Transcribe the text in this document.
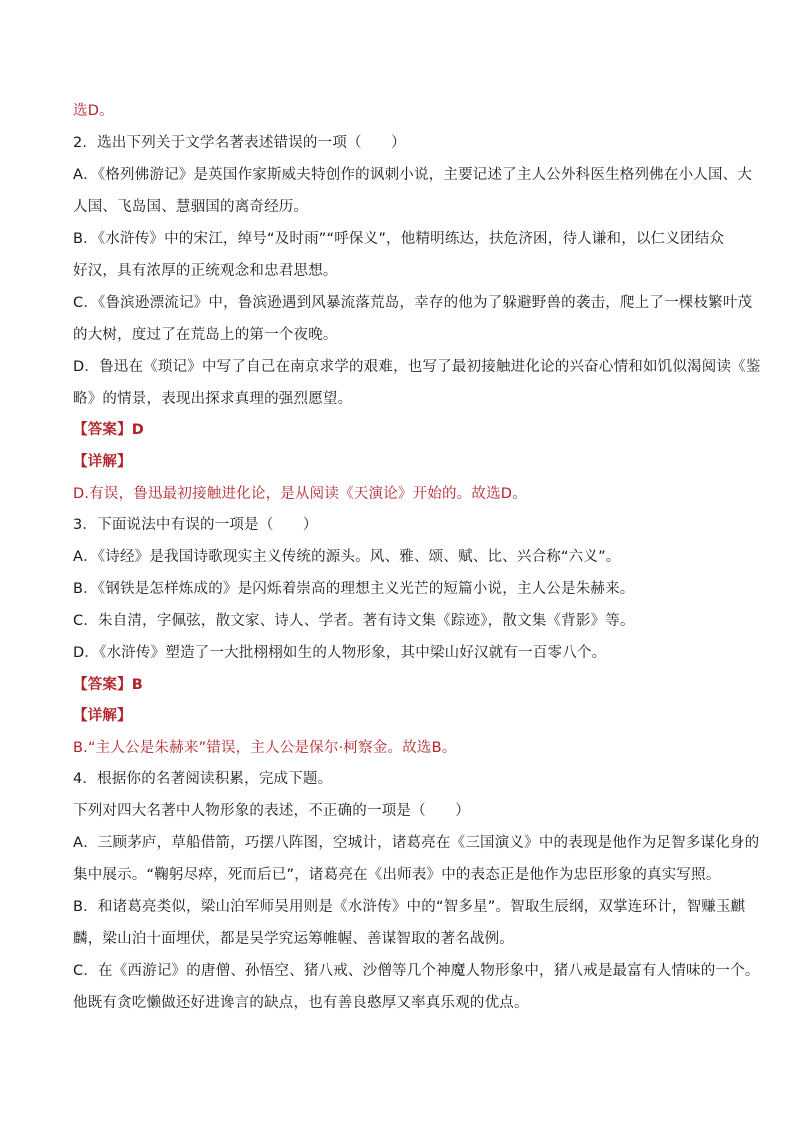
选D。
2．选出下列关于文学名著表述错误的一项（　　）
A．《格列佛游记》是英国作家斯威夫特创作的讽刺小说，主要记述了主人公外科医生格列佛在小人国、大
人国、飞岛国、慧骃国的离奇经历。
B．《水浒传》中的宋江，绰号“及时雨”“呼保义”，他精明练达，扶危济困，待人谦和，以仁义团结众
好汉，具有浓厚的正统观念和忠君思想。
C．《鲁滨逊漂流记》中，鲁滨逊遇到风暴流落荒岛，幸存的他为了躲避野兽的袭击，爬上了一棵枝繁叶茂
的大树，度过了在荒岛上的第一个夜晚。
D．鲁迅在《琐记》中写了自己在南京求学的艰难，也写了最初接触进化论的兴奋心情和如饥似渴阅读《鉴
略》的情景，表现出探求真理的强烈愿望。
【答案】D
【详解】
D.有误，鲁迅最初接触进化论，是从阅读《天演论》开始的。故选D。
3．下面说法中有误的一项是（　　）
A．《诗经》是我国诗歌现实主义传统的源头。风、雅、颂、赋、比、兴合称“六义”。
B．《钢铁是怎样炼成的》是闪烁着崇高的理想主义光芒的短篇小说，主人公是朱赫来。
C．朱自清，字佩弦，散文家、诗人、学者。著有诗文集《踪迹》，散文集《背影》等。
D．《水浒传》塑造了一大批栩栩如生的人物形象，其中梁山好汉就有一百零八个。
【答案】B
【详解】
B.“主人公是朱赫来”错误，主人公是保尔·柯察金。故选B。
4．根据你的名著阅读积累，完成下题。
下列对四大名著中人物形象的表述，不正确的一项是（　　）
A．三顾茅庐，草船借箭，巧摆八阵图，空城计，诸葛亮在《三国演义》中的表现是他作为足智多谋化身的
集中展示。“鞠躬尽瘁，死而后已”，诸葛亮在《出师表》中的表态正是他作为忠臣形象的真实写照。
B．和诸葛亮类似，梁山泊军师吴用则是《水浒传》中的“智多星”。智取生辰纲，双掌连环计，智赚玉麒
麟，梁山泊十面埋伏，都是吴学究运筹帷幄、善谋智取的著名战例。
C．在《西游记》的唐僧、孙悟空、猪八戒、沙僧等几个神魔人物形象中，猪八戒是最富有人情味的一个。
他既有贪吃懒做还好进谗言的缺点，也有善良憨厚又率真乐观的优点。
